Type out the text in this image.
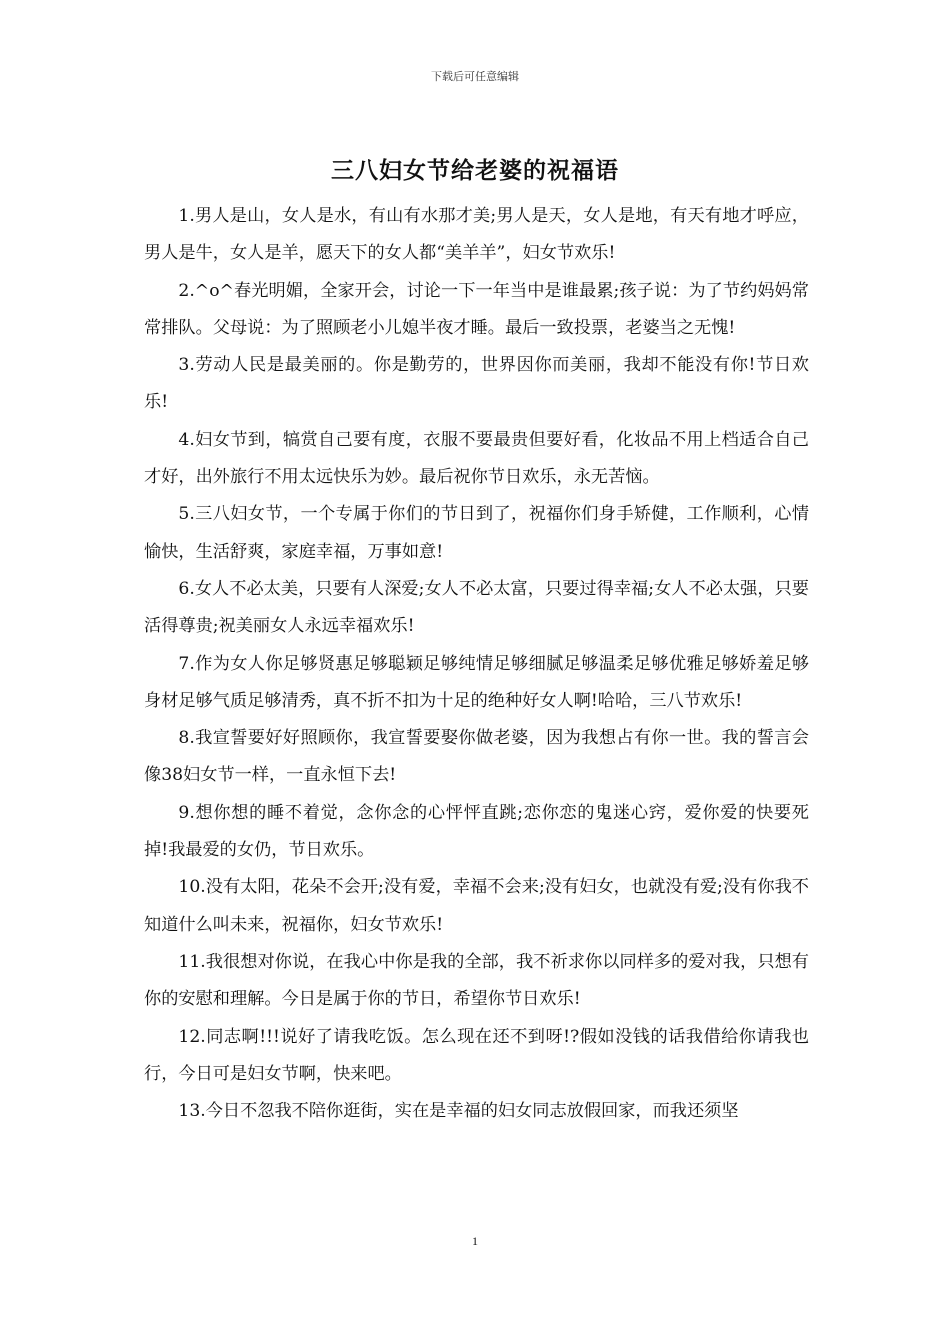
下载后可任意编辑
三八妇女节给老婆的祝福语

1.男人是山，女人是水，有山有水那才美;男人是天，女人是地，有天有地才呼应，男人是牛，女人是羊，愿天下的女人都“美羊羊”，妇女节欢乐!

2.^o^春光明媚，全家开会，讨论一下一年当中是谁最累;孩子说：为了节约妈妈常常排队。父母说：为了照顾老小儿媳半夜才睡。最后一致投票，老婆当之无愧!

3.劳动人民是最美丽的。你是勤劳的，世界因你而美丽，我却不能没有你!节日欢乐!

4.妇女节到，犒赏自己要有度，衣服不要最贵但要好看，化妆品不用上档适合自己才好，出外旅行不用太远快乐为妙。最后祝你节日欢乐，永无苦恼。

5.三八妇女节，一个专属于你们的节日到了，祝福你们身手矫健，工作顺利，心情愉快，生活舒爽，家庭幸福，万事如意!

6.女人不必太美，只要有人深爱;女人不必太富，只要过得幸福;女人不必太强，只要活得尊贵;祝美丽女人永远幸福欢乐!

7.作为女人你足够贤惠足够聪颖足够纯情足够细腻足够温柔足够优雅足够娇羞足够身材足够气质足够清秀，真不折不扣为十足的绝种好女人啊!哈哈，三八节欢乐!

8.我宣誓要好好照顾你，我宣誓要娶你做老婆，因为我想占有你一世。我的誓言会像38妇女节一样，一直永恒下去!

9.想你想的睡不着觉，念你念的心怦怦直跳;恋你恋的鬼迷心窍，爱你爱的快要死掉!我最爱的女仍，节日欢乐。

10.没有太阳，花朵不会开;没有爱，幸福不会来;没有妇女，也就没有爱;没有你我不知道什么叫未来，祝福你，妇女节欢乐!

11.我很想对你说，在我心中你是我的全部，我不祈求你以同样多的爱对我，只想有你的安慰和理解。今日是属于你的节日，希望你节日欢乐!

12.同志啊!!!说好了请我吃饭。怎么现在还不到呀!?假如没钱的话我借给你请我也行，今日可是妇女节啊，快来吧。

13.今日不忽我不陪你逛街，实在是幸福的妇女同志放假回家，而我还须坚

1
